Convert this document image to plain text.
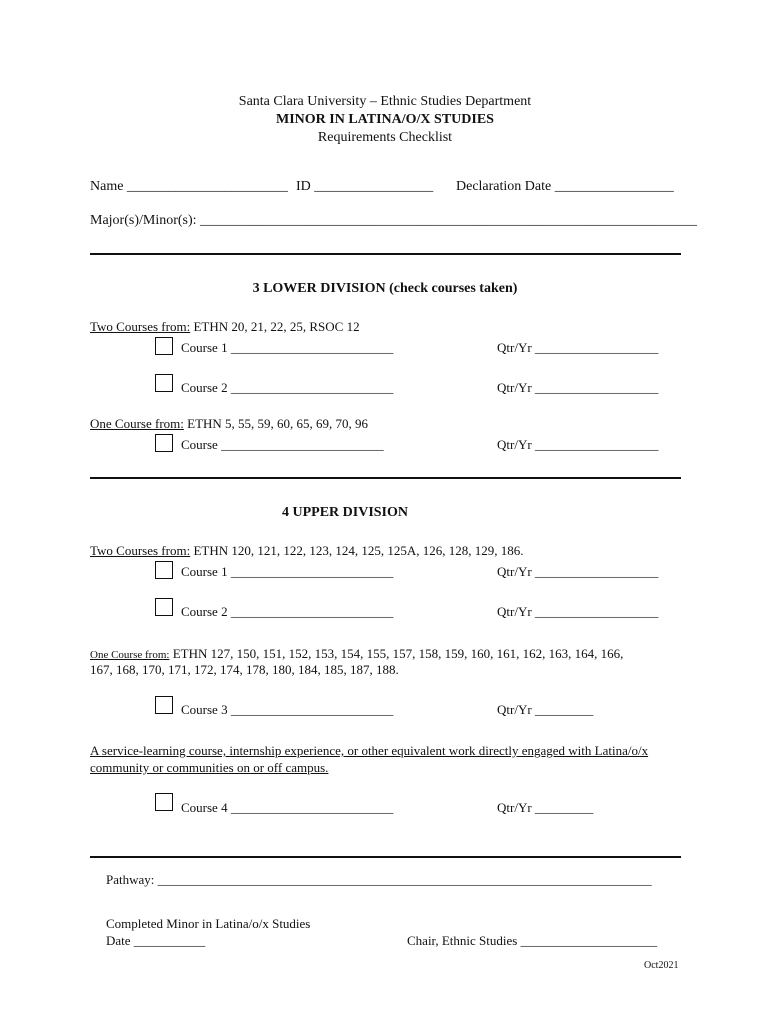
Santa Clara University – Ethnic Studies Department
MINOR IN LATINA/O/X STUDIES
Requirements Checklist
Name _______________________ ID _________________ Declaration Date _________________
Major(s)/Minor(s): _______________________________________________________________________
3 LOWER DIVISION (check courses taken)
Two Courses from: ETHN 20, 21, 22, 25, RSOC 12
Course 1 _________________________	Qtr/Yr ___________________
Course 2 _________________________	Qtr/Yr ___________________
One Course from: ETHN 5, 55, 59, 60, 65, 69, 70, 96
Course _________________________	Qtr/Yr ___________________
4 UPPER DIVISION
Two Courses from: ETHN 120, 121, 122, 123, 124, 125, 125A, 126, 128, 129, 186.
Course 1 _________________________	Qtr/Yr ___________________
Course 2 _________________________	Qtr/Yr ___________________
One Course from: ETHN 127, 150, 151, 152, 153, 154, 155, 157, 158, 159, 160, 161, 162, 163, 164, 166,
167, 168, 170, 171, 172, 174, 178, 180, 184, 185, 187, 188.
Course 3 _________________________	Qtr/Yr _________
A service-learning course, internship experience, or other equivalent work directly engaged with Latina/o/x
community or communities on or off campus.
Course 4 _________________________	Qtr/Yr _________
Pathway: ____________________________________________________________________________
Completed Minor in Latina/o/x Studies
Date ___________	Chair, Ethnic Studies _____________________
Oct2021
